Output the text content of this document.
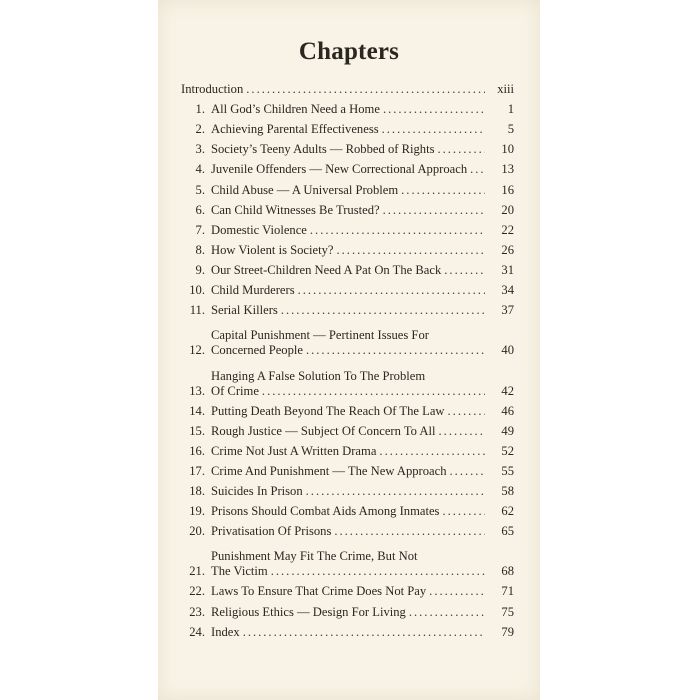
Chapters
Introduction .....	xiii
1. All God’s Children Need a Home .....	1
2. Achieving Parental Effectiveness .....	5
3. Society’s Teeny Adults — Robbed of Rights .....	10
4. Juvenile Offenders — New Correctional Approach .....	13
5. Child Abuse — A Universal Problem .....	16
6. Can Child Witnesses Be Trusted? .....	20
7. Domestic Violence .....	22
8. How Violent is Society? .....	26
9. Our Street-Children Need A Pat On The Back .....	31
10. Child Murderers .....	34
11. Serial Killers .....	37
12.
Capital Punishment — Pertinent Issues For
Concerned People .....	40
13.
Hanging A False Solution To The Problem
Of Crime .....	42
14. Putting Death Beyond The Reach Of The Law .....	46
15. Rough Justice — Subject Of Concern To All .....	49
16. Crime Not Just A Written Drama .....	52
17. Crime And Punishment — The New Approach .....	55
18. Suicides In Prison .....	58
19. Prisons Should Combat Aids Among Inmates .....	62
20. Privatisation Of Prisons .....	65
21.
Punishment May Fit The Crime, But Not
The Victim .....	68
22. Laws To Ensure That Crime Does Not Pay .....	71
23. Religious Ethics — Design For Living .....	75
24. Index .....	79
